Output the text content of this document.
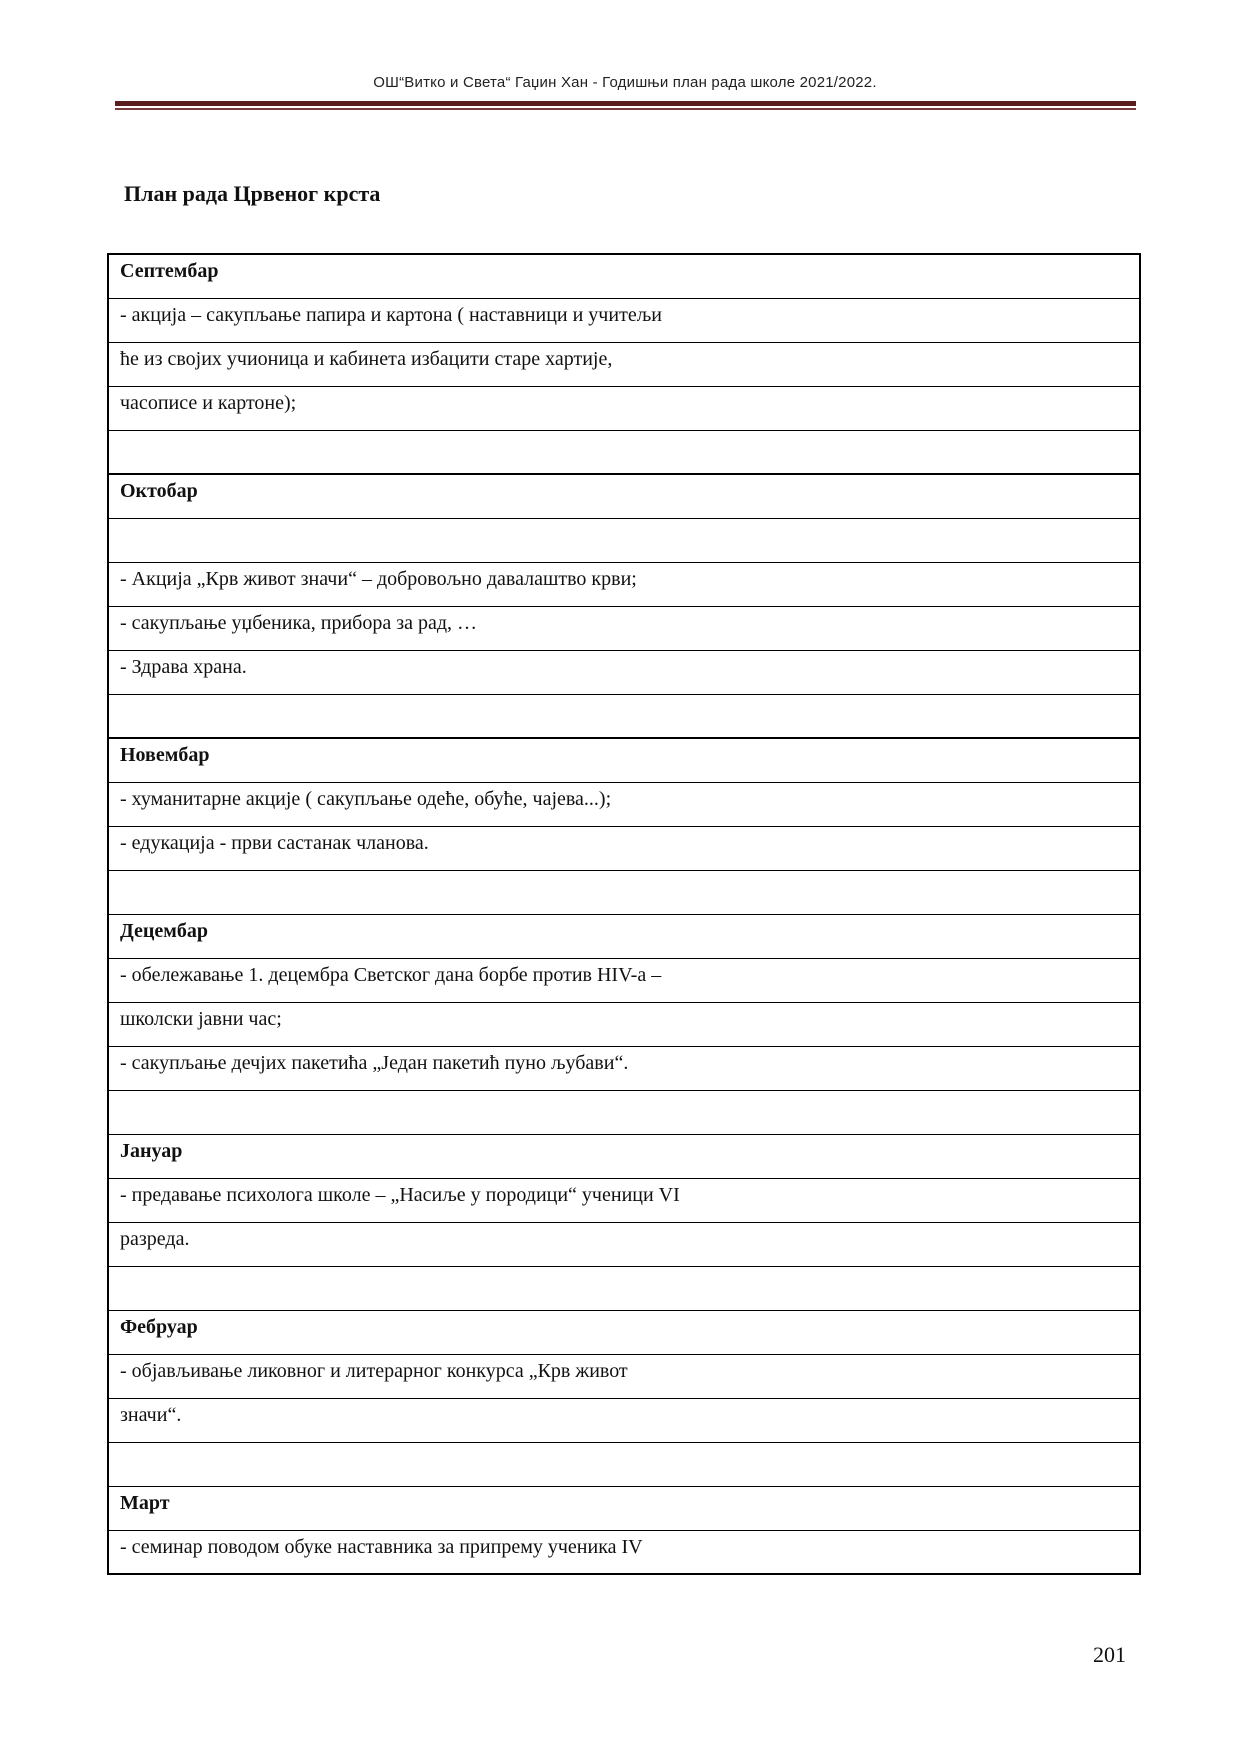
ОШ“Витко и Света“ Гаџин Хан - Годишњи план рада школе 2021/2022.
План рада Црвеног крста
Септембар
- акција – сакупљање папира и картона ( наставници и учитељи
ће из својих учионица и кабинета избацити старе хартије,
часописе и картоне);

Октобар

- Акција „Крв живот значи“ – добровољно давалаштво крви;
- сакупљање уџбеника, прибора за рад, …
- Здрава храна.

Новембар
- хуманитарне акције ( сакупљање одеће, обуће, чајева...);
- едукација - први састанак чланова.

Децембар
- обележавање 1. децембра Светског дана борбе против HIV-а –
школски јавни час;
- сакупљање дечјих пакетића „Један пакетић пуно љубави“.

Јануар
- предавање психолога школе – „Насиље у породици“ ученици VI
разреда.

Фебруар
- објављивање ликовног и литерарног конкурса „Крв живот
значи“.

Март
- семинар поводом обуке наставника за припрему ученика IV
201
